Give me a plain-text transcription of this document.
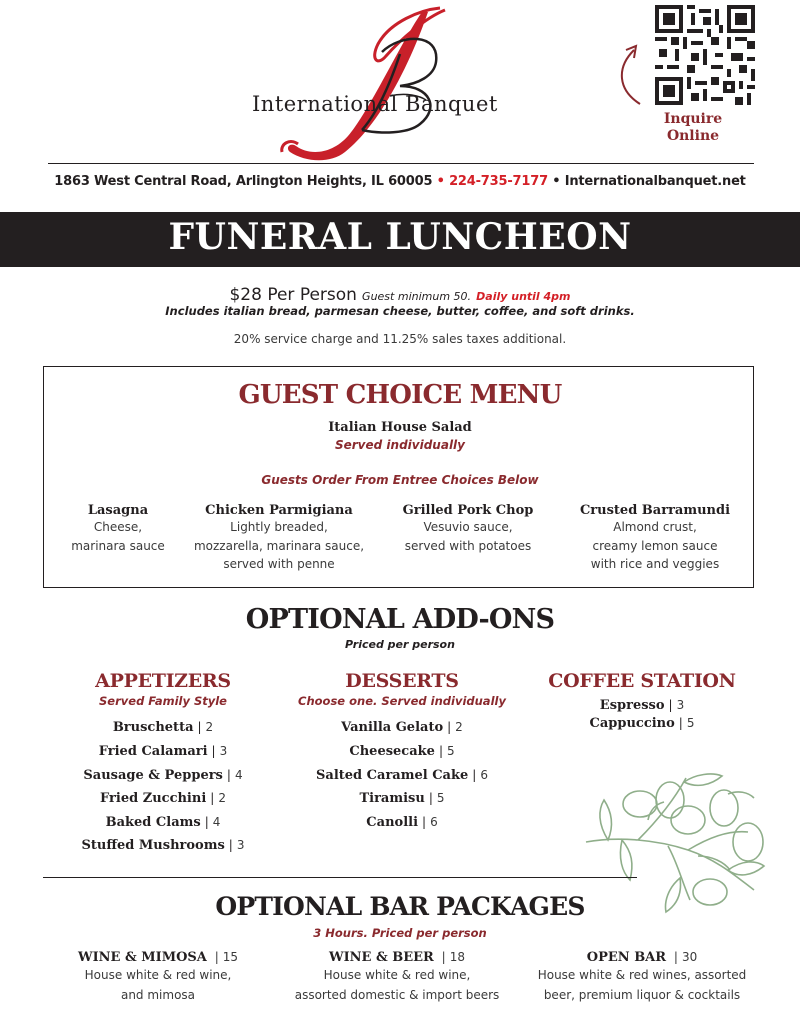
International Banquet
Inquire
Online
1863 West Central Road, Arlington Heights, IL 60005 • 224-735-7177 • Internationalbanquet.net
FUNERAL LUNCHEON
$28 Per Person Guest minimum 50. Daily until 4pm
Includes italian bread, parmesan cheese, butter, coffee, and soft drinks.
20% service charge and 11.25% sales taxes additional.
GUEST CHOICE MENU
Italian House Salad
Served individually
Guests Order From Entree Choices Below
Lasagna
Cheese,
marinara sauce
Chicken Parmigiana
Lightly breaded,
mozzarella, marinara sauce,
served with penne
Grilled Pork Chop
Vesuvio sauce,
served with potatoes
Crusted Barramundi
Almond crust,
creamy lemon sauce
with rice and veggies
OPTIONAL ADD-ONS
Priced per person
APPETIZERS
Served Family Style
Bruschetta | 2
Fried Calamari | 3
Sausage & Peppers | 4
Fried Zucchini | 2
Baked Clams | 4
Stuffed Mushrooms | 3
DESSERTS
Choose one. Served individually
Vanilla Gelato | 2
Cheesecake | 5
Salted Caramel Cake | 6
Tiramisu | 5
Canolli | 6
COFFEE STATION
Espresso | 3
Cappuccino | 5
OPTIONAL BAR PACKAGES
3 Hours. Priced per person
WINE & MIMOSA | 15
House white & red wine,
and mimosa
WINE & BEER | 18
House white & red wine,
assorted domestic & import beers
OPEN BAR | 30
House white & red wines, assorted
beer, premium liquor & cocktails
